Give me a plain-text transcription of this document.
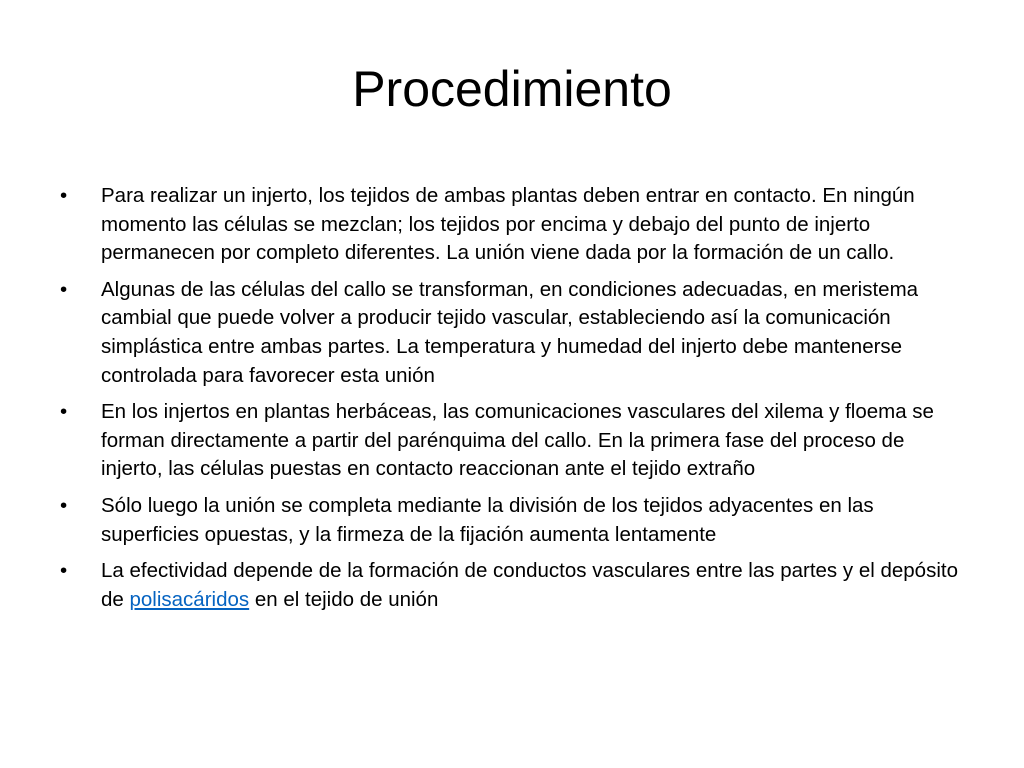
Procedimiento
•	Para realizar un injerto, los tejidos de ambas plantas deben entrar en contacto. En ningún momento las células se mezclan; los tejidos por encima y debajo del punto de injerto permanecen por completo diferentes. La unión viene dada por la formación de un callo.
•	Algunas de las células del callo se transforman, en condiciones adecuadas, en meristema cambial que puede volver a producir tejido vascular, estableciendo así la comunicación simplástica entre ambas partes. La temperatura y humedad del injerto debe mantenerse controlada para favorecer esta unión
•	En los injertos en plantas herbáceas, las comunicaciones vasculares del xilema y floema se forman directamente a partir del parénquima del callo. En la primera fase del proceso de injerto, las células puestas en contacto reaccionan ante el tejido extraño
•	Sólo luego la unión se completa mediante la división de los tejidos adyacentes en las superficies opuestas, y la firmeza de la fijación aumenta lentamente
•	La efectividad depende de la formación de conductos vasculares entre las partes y el depósito de polisacáridos en el tejido de unión
